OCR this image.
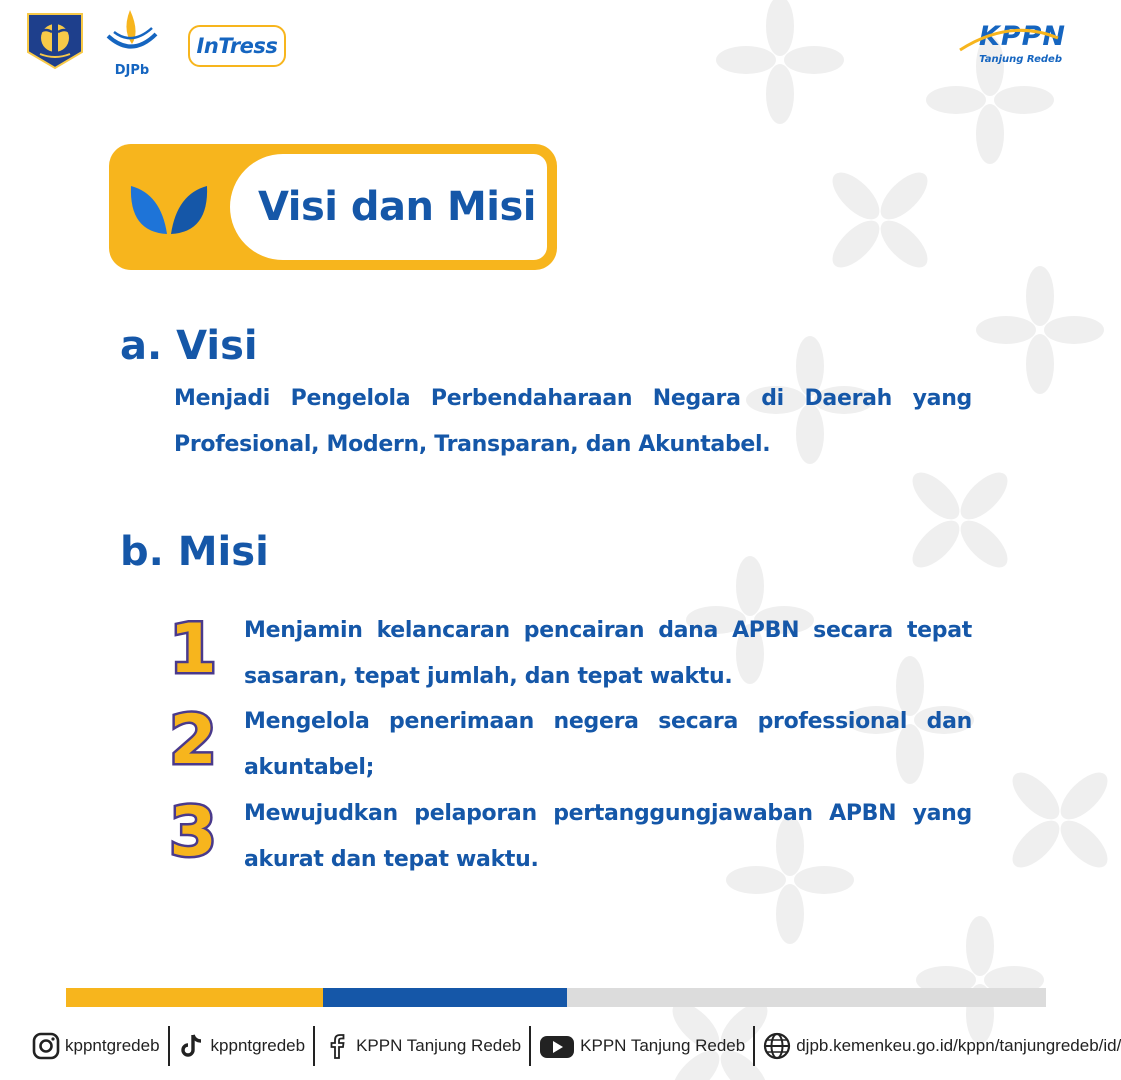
DJPb
InTress	KPPN
Tanjung Redeb
Visi dan Misi
a. Visi

Menjadi Pengelola Perbendaharaan Negara di Daerah yang Profesional, Modern, Transparan, dan Akuntabel.

b. Misi
1 Menjamin kelancaran pencairan dana APBN secara tepat sasaran, tepat jumlah, dan tepat waktu.

2 Mengelola penerimaan negera secara professional dan akuntabel;

3 Mewujudkan pelaporan pertanggungjawaban APBN yang akurat dan tepat waktu.

kppntgredeb	kppntgredeb	KPPN Tanjung Redeb	KPPN Tanjung Redeb	djpb.kemenkeu.go.id/kppn/tanjungredeb/id/
